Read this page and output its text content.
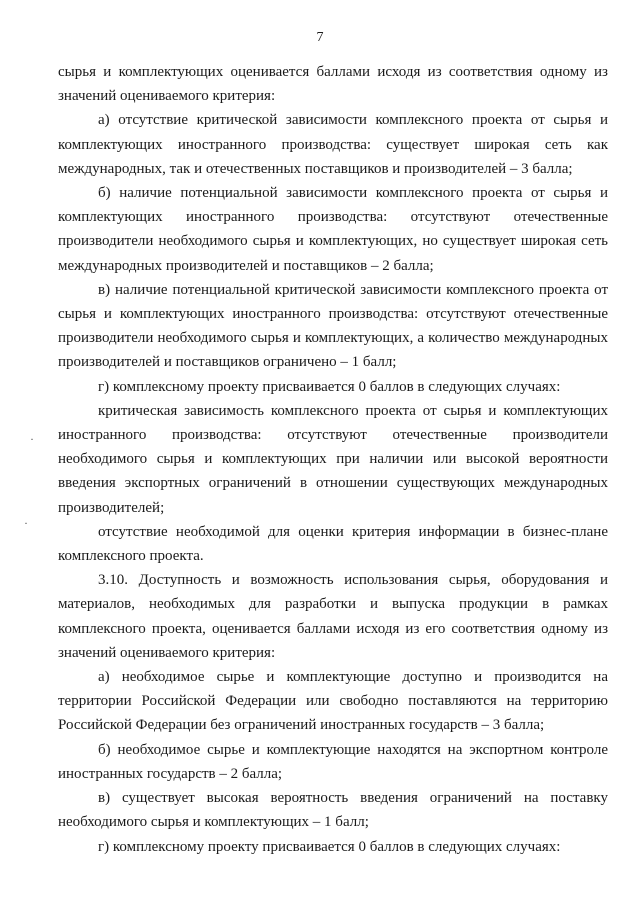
7

сырья и комплектующих оценивается баллами исходя из соответствия одному из значений оцениваемого критерия:

а) отсутствие критической зависимости комплексного проекта от сырья и комплектующих иностранного производства: существует широкая сеть как международных, так и отечественных поставщиков и производителей – 3 балла;

б) наличие потенциальной зависимости комплексного проекта от сырья и комплектующих иностранного производства: отсутствуют отечественные производители необходимого сырья и комплектующих, но существует широкая сеть международных производителей и поставщиков – 2 балла;

в) наличие потенциальной критической зависимости комплексного проекта от сырья и комплектующих иностранного производства: отсутствуют отечественные производители необходимого сырья и комплектующих, а количество международных производителей и поставщиков ограничено – 1 балл;

г) комплексному проекту присваивается 0 баллов в следующих случаях:

критическая зависимость комплексного проекта от сырья и комплектующих иностранного производства: отсутствуют отечественные производители необходимого сырья и комплектующих при наличии или высокой вероятности введения экспортных ограничений в отношении существующих международных производителей;

отсутствие необходимой для оценки критерия информации в бизнес-плане комплексного проекта.

3.10. Доступность и возможность использования сырья, оборудования и материалов, необходимых для разработки и выпуска продукции в рамках комплексного проекта, оценивается баллами исходя из его соответствия одному из значений оцениваемого критерия:

а) необходимое сырье и комплектующие доступно и производится на территории Российской Федерации или свободно поставляются на территорию Российской Федерации без ограничений иностранных государств – 3 балла;

б) необходимое сырье и комплектующие находятся на экспортном контроле иностранных государств – 2 балла;

в) существует высокая вероятность введения ограничений на поставку необходимого сырья и комплектующих – 1 балл;

г) комплексному проекту присваивается 0 баллов в следующих случаях:

·
·
